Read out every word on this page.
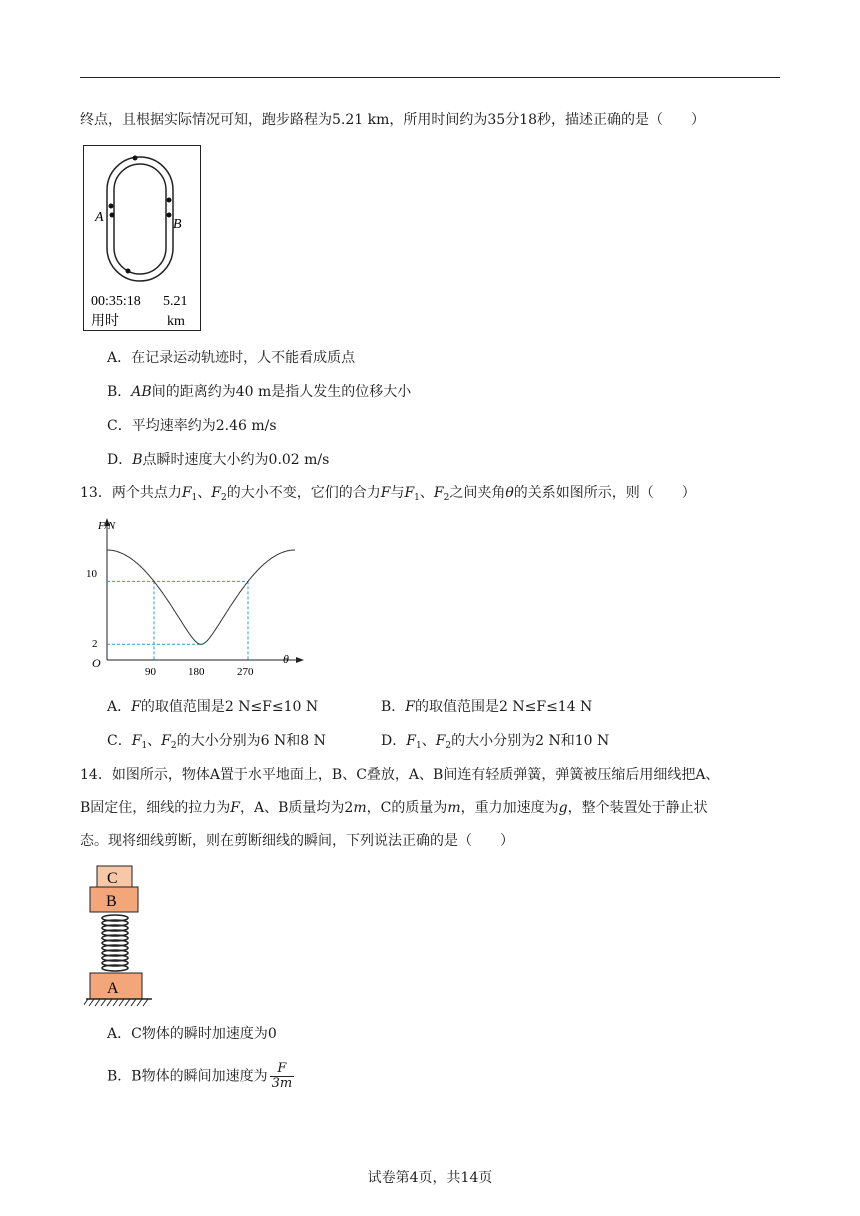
终点，且根据实际情况可知，跑步路程为5.21 km，所用时间约为35分18秒，描述正确的是（　　）
A	B
00:35:18 5.21
用时	km
A．在记录运动轨迹时，人不能看成质点
B．AB间的距离约为40 m是指人发生的位移大小
C．平均速率约为2.46 m/s
D．B点瞬时速度大小约为0.02 m/s
13．两个共点力$F_1$、$F_2$的大小不变，它们的合力F与$F_1$、$F_2$之间夹角θ的关系如图所示，则（　　）
F/N
θ
O
10
2
90	180	270
A．F的取值范围是2 N≤F≤10 N	B．F的取值范围是2 N≤F≤14 N
C．$F_1$、$F_2$的大小分别为6 N和8 N	D．$F_1$、$F_2$的大小分别为2 N和10 N
14．如图所示，物体A置于水平地面上，B、C叠放，A、B间连有轻质弹簧，弹簧被压缩后用细线把A、
B固定住，细线的拉力为F，A、B质量均为2m，C的质量为m，重力加速度为g，整个装置处于静止状
态。现将细线剪断，则在剪断细线的瞬间，下列说法正确的是（　　）
C
B
A
A．C物体的瞬时加速度为0
B．B物体的瞬间加速度为 $\frac{F}{3m}$
试卷第4页，共14页
